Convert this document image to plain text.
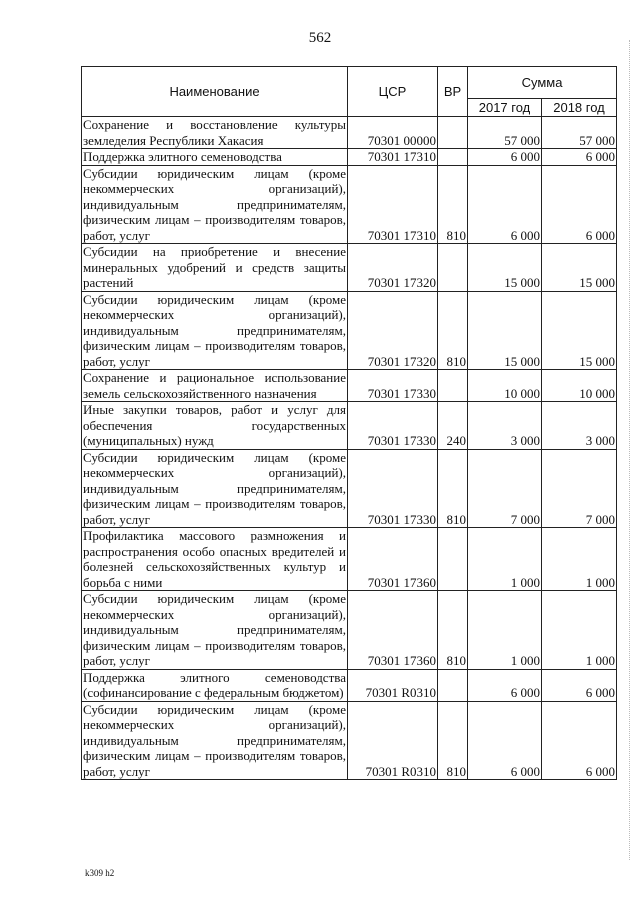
562
Наименование	ЦСР	ВР	Сумма	
			2017 год	2018 год
Сохранение и восстановление культуры земледелия Республики Хакасия	70301 00000		57 000	57 000
Поддержка элитного семеноводства	70301 17310		6 000	6 000
Субсидии юридическим лицам (кроме некоммерческих организаций), индивидуальным предпринимателям, физическим лицам – производителям товаров, работ, услуг	70301 17310	810	6 000	6 000
Субсидии на приобретение и внесение минеральных удобрений и средств защиты растений	70301 17320		15 000	15 000
Субсидии юридическим лицам (кроме некоммерческих организаций), индивидуальным предпринимателям, физическим лицам – производителям товаров, работ, услуг	70301 17320	810	15 000	15 000
Сохранение и рациональное использование земель сельскохозяйственного назначения	70301 17330		10 000	10 000
Иные закупки товаров, работ и услуг для обеспечения государственных (муниципальных) нужд	70301 17330	240	3 000	3 000
Субсидии юридическим лицам (кроме некоммерческих организаций), индивидуальным предпринимателям, физическим лицам – производителям товаров, работ, услуг	70301 17330	810	7 000	7 000
Профилактика массового размножения и распространения особо опасных вредителей и болезней сельскохозяйственных культур и борьба с ними	70301 17360		1 000	1 000
Субсидии юридическим лицам (кроме некоммерческих организаций), индивидуальным предпринимателям, физическим лицам – производителям товаров, работ, услуг	70301 17360	810	1 000	1 000
Поддержка элитного семеноводства (софинансирование с федеральным бюджетом)	70301 R0310		6 000	6 000
Субсидии юридическим лицам (кроме некоммерческих организаций), индивидуальным предпринимателям, физическим лицам – производителям товаров, работ, услуг	70301 R0310	810	6 000	6 000
k309 h2
